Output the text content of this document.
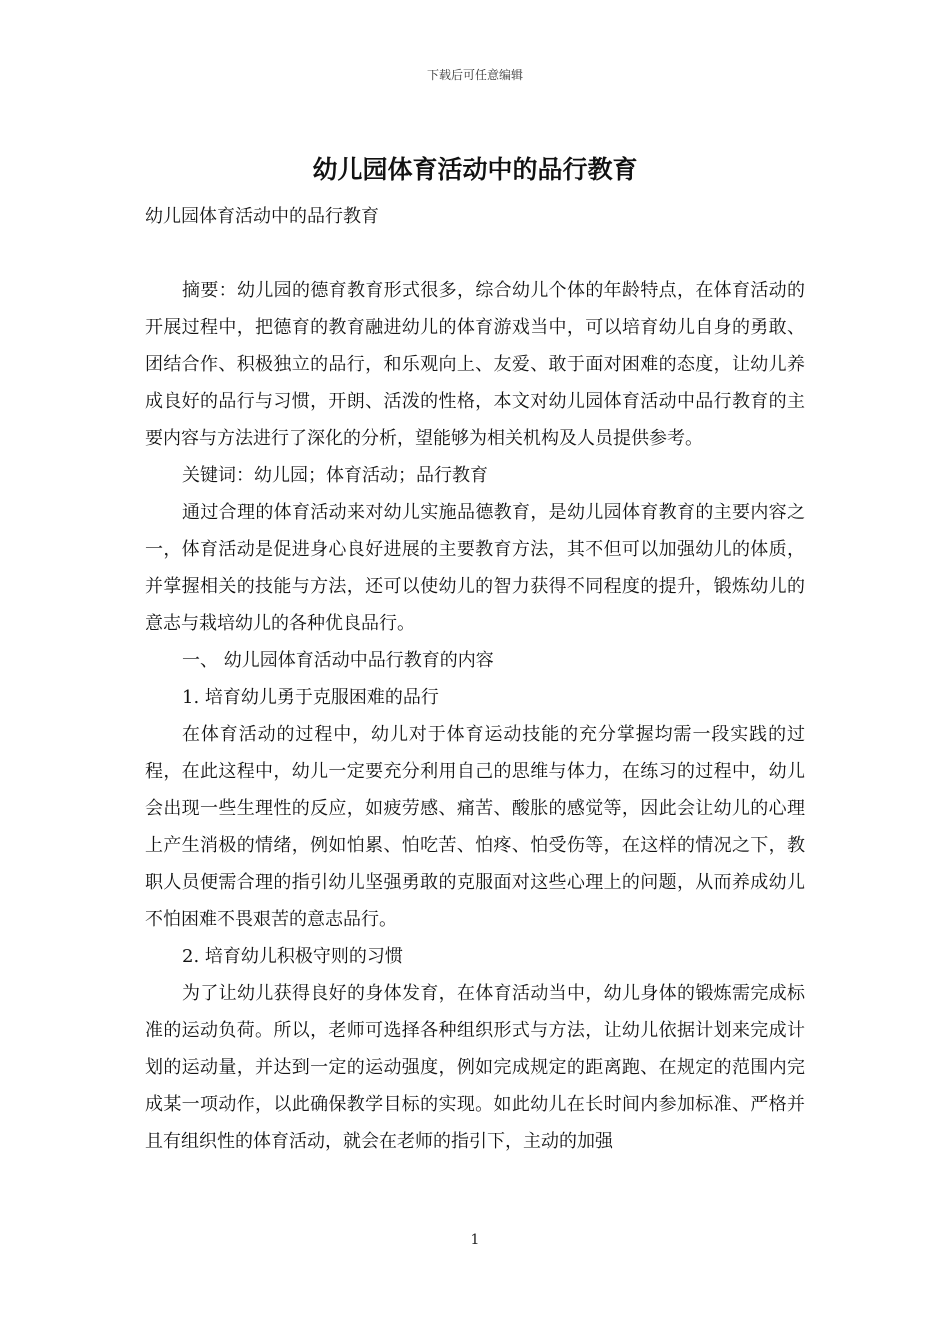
下载后可任意编辑
幼儿园体育活动中的品行教育

幼儿园体育活动中的品行教育

摘要：幼儿园的德育教育形式很多，综合幼儿个体的年龄特点，在体育活动的开展过程中，把德育的教育融进幼儿的体育游戏当中，可以培育幼儿自身的勇敢、团结合作、积极独立的品行，和乐观向上、友爱、敢于面对困难的态度，让幼儿养成良好的品行与习惯，开朗、活泼的性格，本文对幼儿园体育活动中品行教育的主要内容与方法进行了深化的分析，望能够为相关机构及人员提供参考。

关键词：幼儿园；体育活动；品行教育

通过合理的体育活动来对幼儿实施品德教育，是幼儿园体育教育的主要内容之一，体育活动是促进身心良好进展的主要教育方法，其不但可以加强幼儿的体质，并掌握相关的技能与方法，还可以使幼儿的智力获得不同程度的提升，锻炼幼儿的意志与栽培幼儿的各种优良品行。

一、 幼儿园体育活动中品行教育的内容

1. 培育幼儿勇于克服困难的品行

在体育活动的过程中，幼儿对于体育运动技能的充分掌握均需一段实践的过程，在此这程中，幼儿一定要充分利用自己的思维与体力，在练习的过程中，幼儿会出现一些生理性的反应，如疲劳感、痛苦、酸胀的感觉等，因此会让幼儿的心理上产生消极的情绪，例如怕累、怕吃苦、怕疼、怕受伤等，在这样的情况之下，教职人员便需合理的指引幼儿坚强勇敢的克服面对这些心理上的问题，从而养成幼儿不怕困难不畏艰苦的意志品行。

2. 培育幼儿积极守则的习惯

为了让幼儿获得良好的身体发育，在体育活动当中，幼儿身体的锻炼需完成标准的运动负荷。所以，老师可选择各种组织形式与方法，让幼儿依据计划来完成计划的运动量，并达到一定的运动强度，例如完成规定的距离跑、在规定的范围内完成某一项动作，以此确保教学目标的实现。如此幼儿在长时间内参加标准、严格并且有组织性的体育活动，就会在老师的指引下，主动的加强

1
